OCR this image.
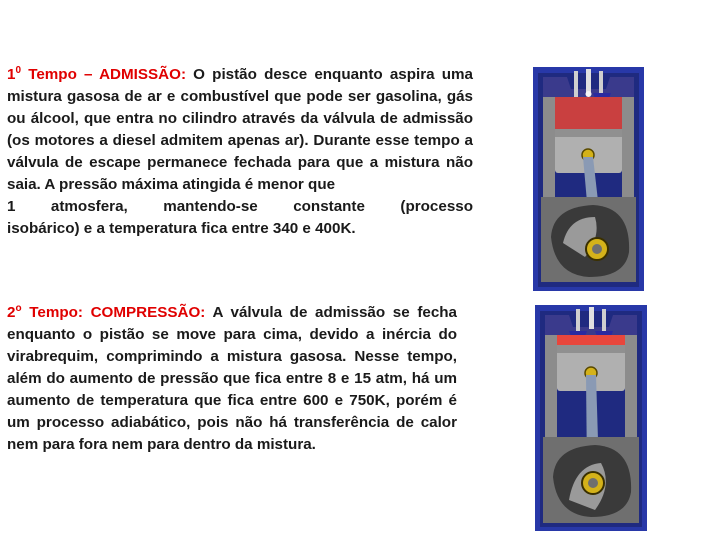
$1^0$ Tempo – ADMISSÃO: O pistão desce enquanto aspira uma mistura gasosa de ar e combustível que pode ser gasolina, gás ou álcool, que entra no cilindro através da válvula de admissão (os motores a diesel admitem apenas ar). Durante esse tempo a válvula de escape permanece fechada para que a mistura não saia. A pressão máxima atingida é menor que
1 atmosfera, mantendo-se constante (processo
isobárico) e a temperatura fica entre 340 e 400K.
2$^o$ Tempo: COMPRESSÃO: A válvula de admissão se fecha enquanto o pistão se move para cima, devido a inércia do virabrequim, comprimindo a mistura gasosa. Nesse tempo, além do aumento de pressão que fica entre 8 e 15 atm, há um aumento de temperatura que fica entre 600 e 750K, porém é um processo adiabático, pois não há transferência de calor nem para fora nem para dentro da mistura.
